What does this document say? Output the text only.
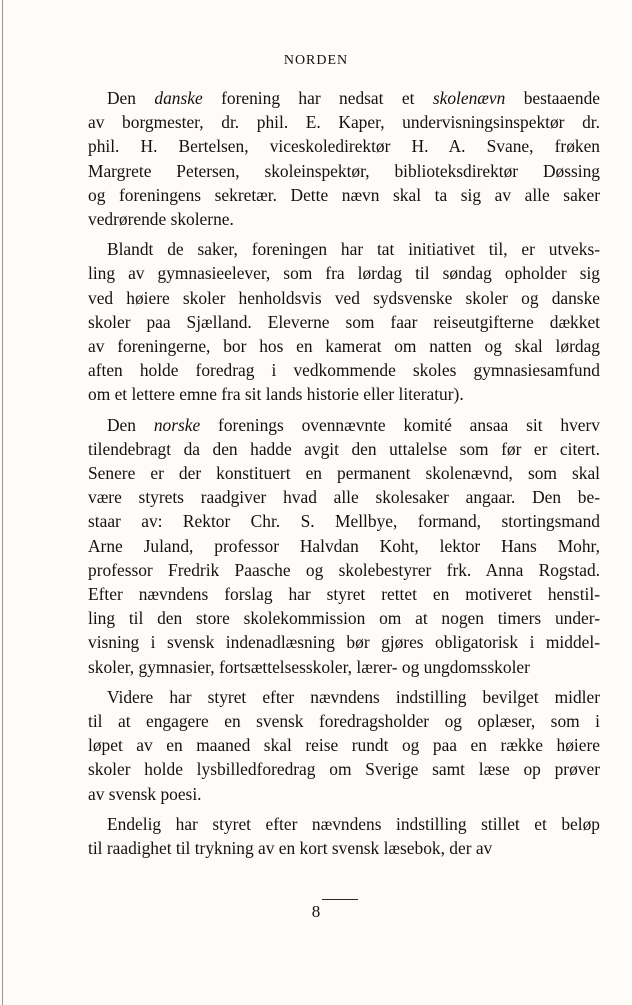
NORDEN
Den danske forening har nedsat et skolenævn bestaaende
av borgmester, dr. phil. E. Kaper, undervisningsinspektør dr.
phil. H. Bertelsen, viceskoledirektør H. A. Svane, frøken
Margrete Petersen, skoleinspektør, biblioteksdirektør Døssing
og foreningens sekretær. Dette nævn skal ta sig av alle saker
vedrørende skolerne.
Blandt de saker, foreningen har tat initiativet til, er utveks-
ling av gymnasieelever, som fra lørdag til søndag opholder sig
ved høiere skoler henholdsvis ved sydsvenske skoler og danske
skoler paa Sjælland. Eleverne som faar reiseutgifterne dækket
av foreningerne, bor hos en kamerat om natten og skal lørdag
aften holde foredrag i vedkommende skoles gymnasiesamfund
om et lettere emne fra sit lands historie eller literatur).
Den norske forenings ovennævnte komité ansaa sit hverv
tilendebragt da den hadde avgit den uttalelse som før er citert.
Senere er der konstituert en permanent skolenævnd, som skal
være styrets raadgiver hvad alle skolesaker angaar. Den be-
staar av: Rektor Chr. S. Mellbye, formand, stortingsmand
Arne Juland, professor Halvdan Koht, lektor Hans Mohr,
professor Fredrik Paasche og skolebestyrer frk. Anna Rogstad.
Efter nævndens forslag har styret rettet en motiveret henstil-
ling til den store skolekommission om at nogen timers under-
visning i svensk indenadlæsning bør gjøres obligatorisk i middel-
skoler, gymnasier, fortsættelsesskoler, lærer- og ungdomsskoler
Videre har styret efter nævndens indstilling bevilget midler
til at engagere en svensk foredragsholder og oplæser, som i
løpet av en maaned skal reise rundt og paa en række høiere
skoler holde lysbilledforedrag om Sverige samt læse op prøver
av svensk poesi.
Endelig har styret efter nævndens indstilling stillet et beløp
til raadighet til trykning av en kort svensk læsebok, der av
8
